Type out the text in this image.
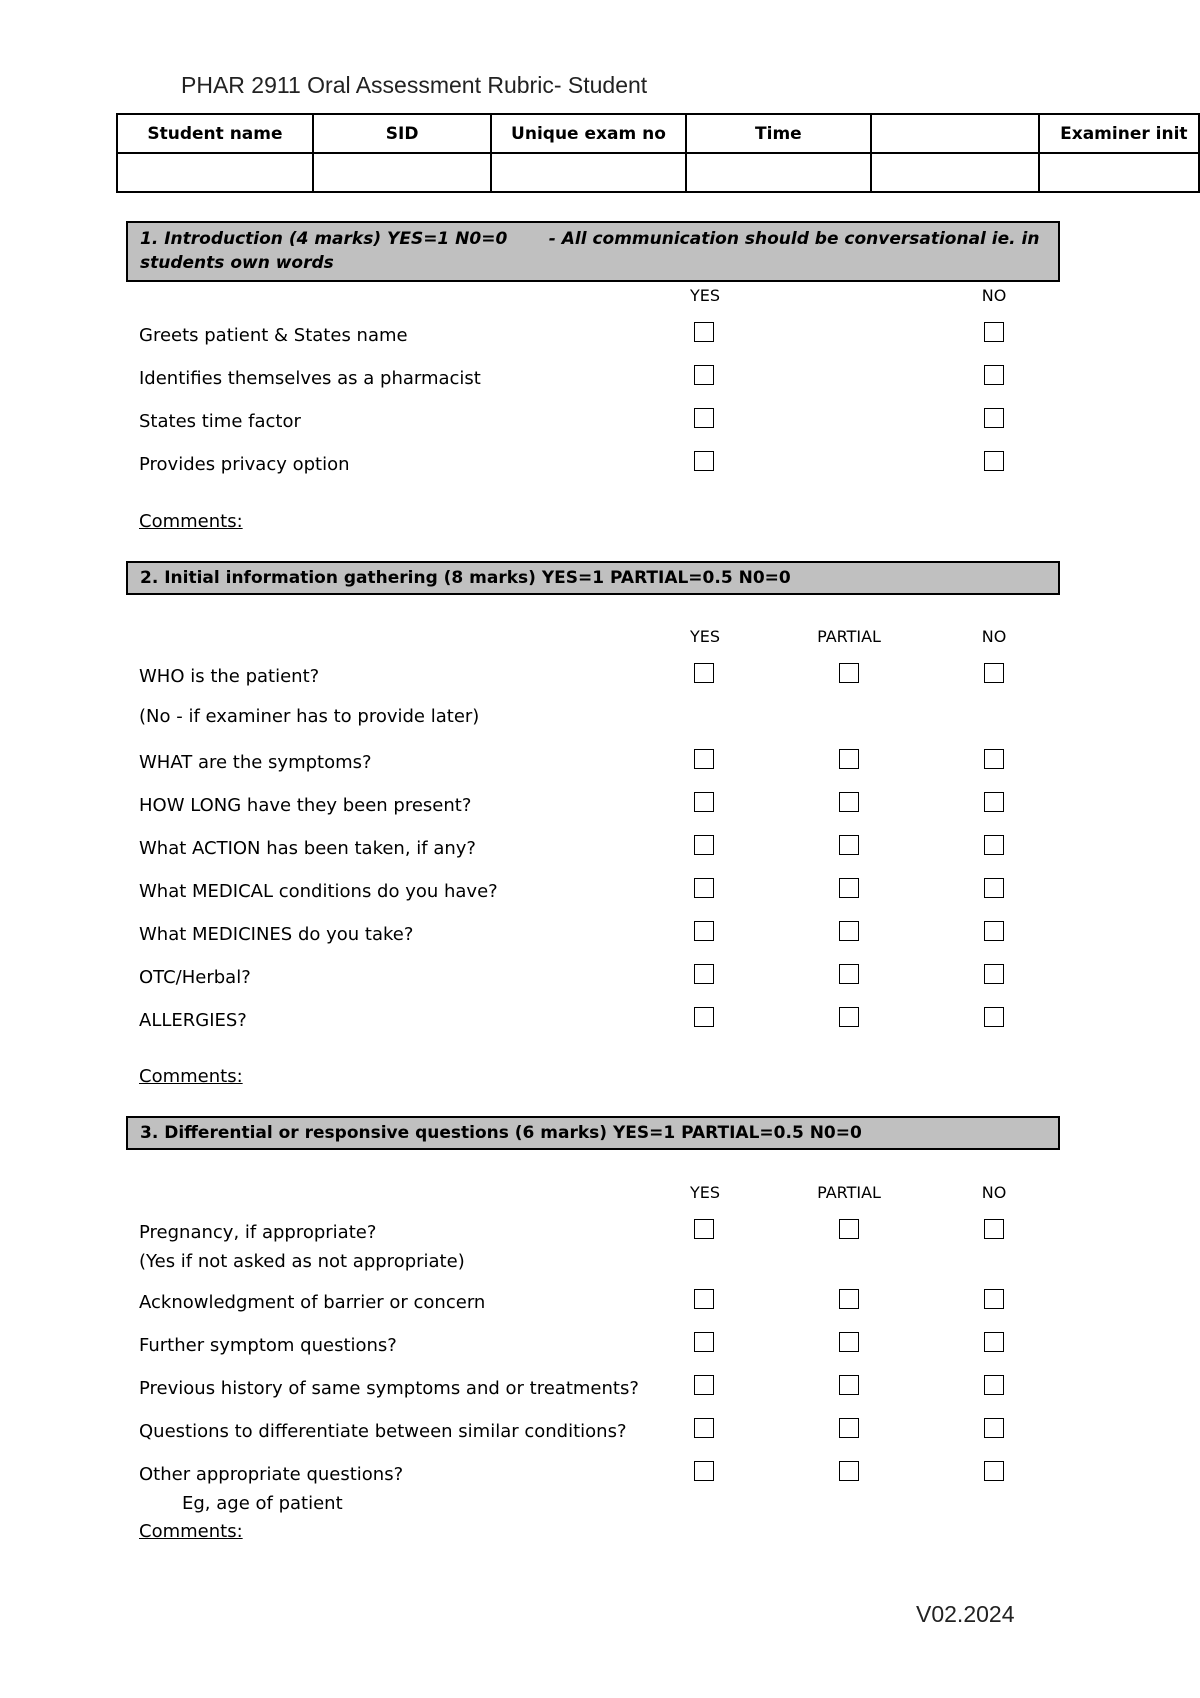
PHAR 2911 Oral Assessment Rubric- Student
Student name	SID	Unique exam no	Time		Examiner init

1. Introduction (4 marks) YES=1 N0=0       - All communication should be conversational ie. in
students own words
YES	NO
Greets patient & States name
Identifies themselves as a pharmacist
States time factor
Provides privacy option
Comments:
2. Initial information gathering (8 marks) YES=1 PARTIAL=0.5 N0=0
YES	PARTIAL	NO
WHO is the patient?
(No - if examiner has to provide later)
WHAT are the symptoms?
HOW LONG have they been present?
What ACTION has been taken, if any?
What MEDICAL conditions do you have?
What MEDICINES do you take?
OTC/Herbal?
ALLERGIES?
Comments:
3. Differential or responsive questions (6 marks) YES=1 PARTIAL=0.5 N0=0
YES	PARTIAL	NO
Pregnancy, if appropriate?
(Yes if not asked as not appropriate)
Acknowledgment of barrier or concern
Further symptom questions?
Previous history of same symptoms and or treatments?
Questions to differentiate between similar conditions?
Other appropriate questions?
Eg, age of patient
Comments:
V02.2024
